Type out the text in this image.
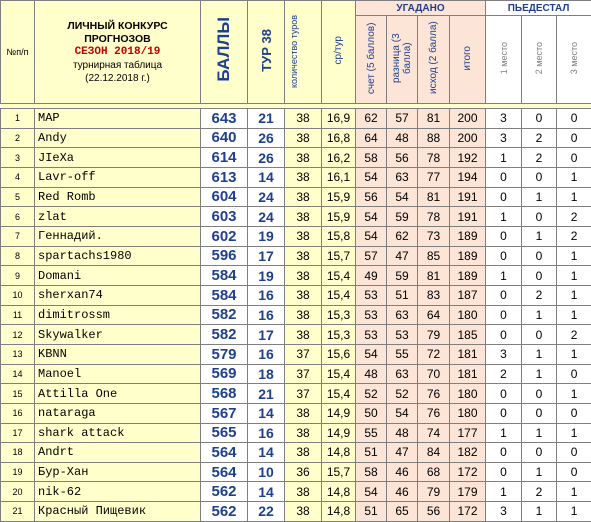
№п/п	ЛИЧНЫЙ КОНКУРС
ПРОГНОЗОВ
СЕЗОН 2018/19
турнирная таблица
(22.12.2018 г.)	БАЛЛЫ	ТУР 38	количество туров	ср/тур	УГАДАНО				ПЬЕДЕСТАЛ		
						счет (5 баллов)	разница (3 балла)	исход (2 балла)	итого	1 место	2 место	3 место

1	MAP	643	21	38	16,9	62	57	81	200	3	0	0
2	Andy	640	26	38	16,8	64	48	88	200	3	2	0
3	JIeXa	614	26	38	16,2	58	56	78	192	1	2	0
4	Lavr-off	613	14	38	16,1	54	63	77	194	0	0	1
5	Red Romb	604	24	38	15,9	56	54	81	191	0	1	1
6	zlat	603	24	38	15,9	54	59	78	191	1	0	2
7	Геннадий.	602	19	38	15,8	54	62	73	189	0	1	2
8	spartachs1980	596	17	38	15,7	57	47	85	189	0	0	1
9	Domani	584	19	38	15,4	49	59	81	189	1	0	1
10	sherxan74	584	16	38	15,4	53	51	83	187	0	2	1
11	dimitrossm	582	16	38	15,3	53	63	64	180	0	1	1
12	Skywalker	582	17	38	15,3	53	53	79	185	0	0	2
13	KBNN	579	16	37	15,6	54	55	72	181	3	1	1
14	Manoel	569	18	37	15,4	48	63	70	181	2	1	0
15	Attilla One	568	21	37	15,4	52	52	76	180	0	0	1
16	nataraga	567	14	38	14,9	50	54	76	180	0	0	0
17	shark attack	565	16	38	14,9	55	48	74	177	1	1	1
18	Andrt	564	14	38	14,8	51	47	84	182	0	0	0
19	Бур-Хан	564	10	36	15,7	58	46	68	172	0	1	0
20	nik-62	562	14	38	14,8	54	46	79	179	1	2	1
21	Красный Пищевик	562	22	38	14,8	51	65	56	172	3	1	1
